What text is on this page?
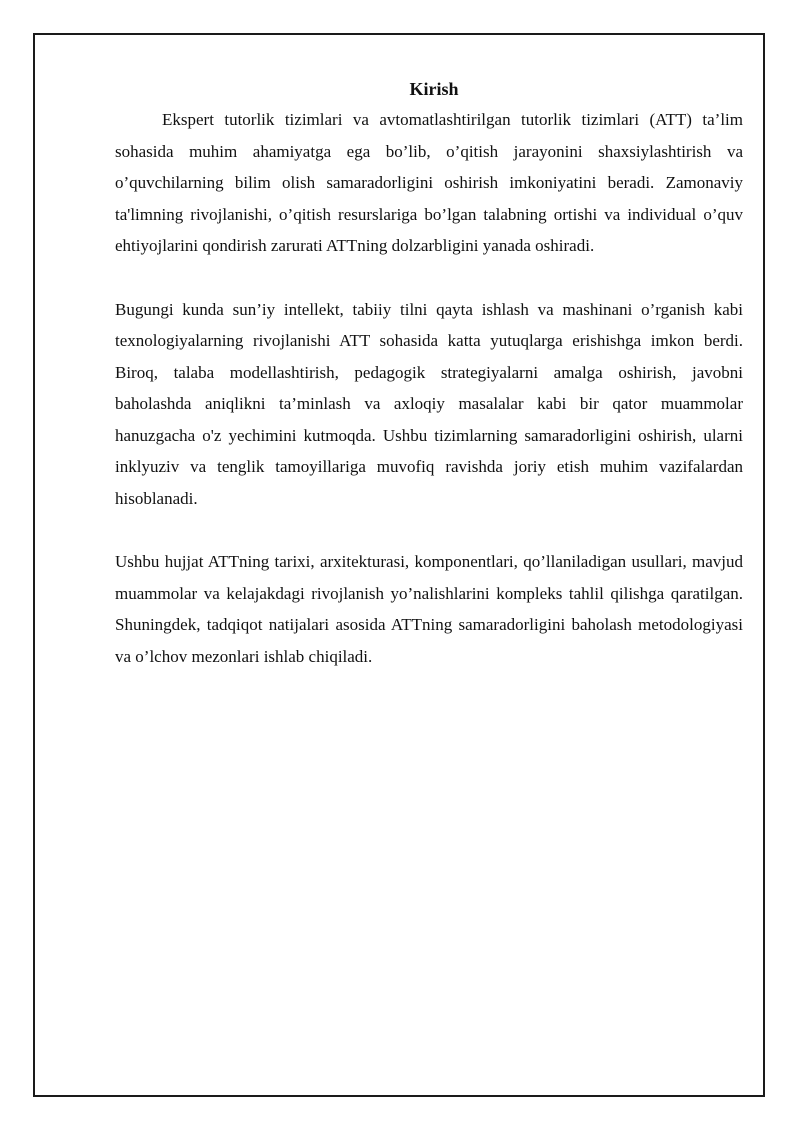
Kirish

Ekspert tutorlik tizimlari va avtomatlashtirilgan tutorlik tizimlari (ATT) ta’lim sohasida muhim ahamiyatga ega bo’lib, o’qitish jarayonini shaxsiylashtirish va o’quvchilarning bilim olish samaradorligini oshirish imkoniyatini beradi. Zamonaviy ta'limning rivojlanishi, o’qitish resurslariga bo’lgan talabning ortishi va individual o’quv ehtiyojlarini qondirish zarurati ATTning dolzarbligini yanada oshiradi.

Bugungi kunda sun’iy intellekt, tabiiy tilni qayta ishlash va mashinani o’rganish kabi texnologiyalarning rivojlanishi ATT sohasida katta yutuqlarga erishishga imkon berdi. Biroq, talaba modellashtirish, pedagogik strategiyalarni amalga oshirish, javobni baholashda aniqlikni ta’minlash va axloqiy masalalar kabi bir qator muammolar hanuzgacha o'z yechimini kutmoqda. Ushbu tizimlarning samaradorligini oshirish, ularni inklyuziv va tenglik tamoyillariga muvofiq ravishda joriy etish muhim vazifalardan hisoblanadi.

Ushbu hujjat ATTning tarixi, arxitekturasi, komponentlari, qo’llaniladigan usullari, mavjud muammolar va kelajakdagi rivojlanish yo’nalishlarini kompleks tahlil qilishga qaratilgan. Shuningdek, tadqiqot natijalari asosida ATTning samaradorligini baholash metodologiyasi va o’lchov mezonlari ishlab chiqiladi.
